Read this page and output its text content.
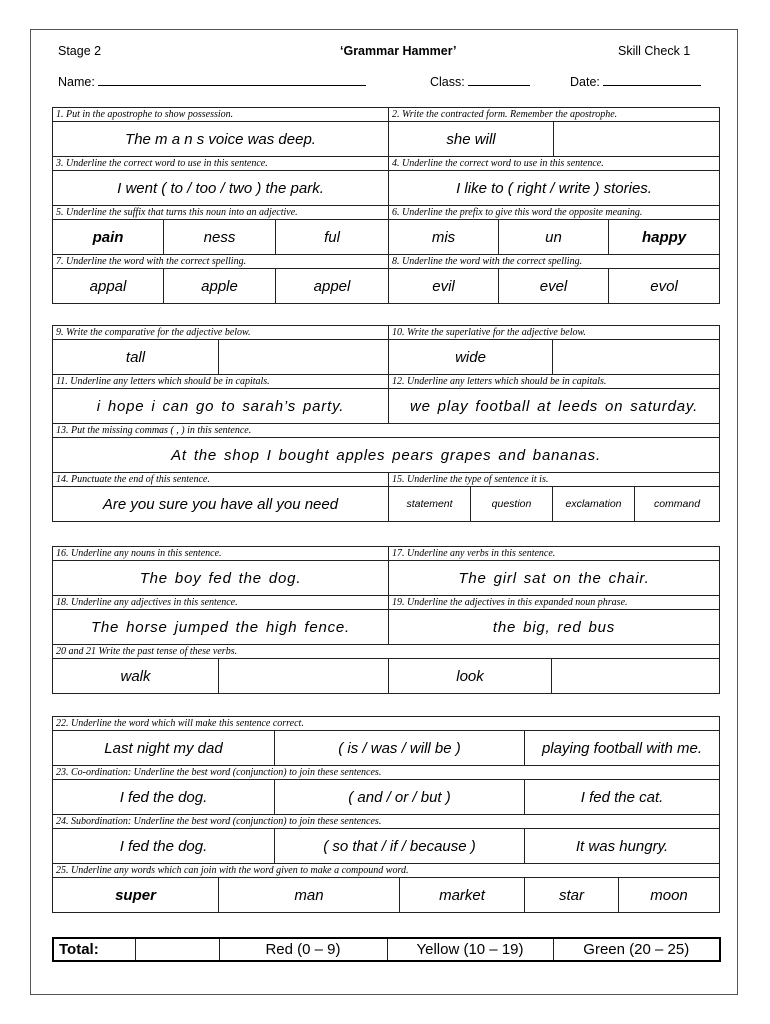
Stage 2	‘Grammar Hammer’	Skill Check 1
Name:	Class:	Date:
1. Put in the apostrophe to show possession.			2. Write the contracted form. Remember the apostrophe.			
The m a n s voice was deep.			she will			
3. Underline the correct word to use in this sentence.			4. Underline the correct word to use in this sentence.			
I went ( to / too / two ) the park.			I like to ( right / write ) stories.			
5. Underline the suffix that turns this noun into an adjective.			6. Underline the prefix to give this word the opposite meaning.			
pain	ness	ful	mis	un		happy
7. Underline the word with the correct spelling.			8. Underline the word with the correct spelling.			
appal	apple	appel	evil	evel		evol
9. Write the comparative for the adjective below.		10. Write the superlative for the adjective below.			
tall		wide			
11. Underline any letters which should be in capitals.		12. Underline any letters which should be in capitals.			
i hope i can go to sarah’s party.		we play football at leeds on saturday.			
13. Put the missing commas ( , ) in this sentence.					
At the shop I bought apples pears grapes and bananas.					
14. Punctuate the end of this sentence.		15. Underline the type of sentence it is.			
Are you sure you have all you need		statement	question	exclamation	command
16. Underline any nouns in this sentence.		17. Underline any verbs in this sentence.	
The boy fed the dog.		The girl sat on the chair.	
18. Underline any adjectives in this sentence.		19. Underline the adjectives in this expanded noun phrase.	
The horse jumped the high fence.		the big, red bus	
20 and 21 Write the past tense of these verbs.			
walk		look	
22. Underline the word which will make this sentence correct.					
Last night my dad		( is / was / will be )		playing football with me.	
23. Co-ordination: Underline the best word (conjunction) to join these sentences.					
I fed the dog.		( and / or / but )		I fed the cat.	
24. Subordination: Underline the best word (conjunction) to join these sentences.					
I fed the dog.		( so that / if / because )		It was hungry.	
25. Underline any words which can join with the word given to make a compound word.					
super	man		market	star	moon
Total:		Red (0 – 9)	Yellow (10 – 19)	Green (20 – 25)
